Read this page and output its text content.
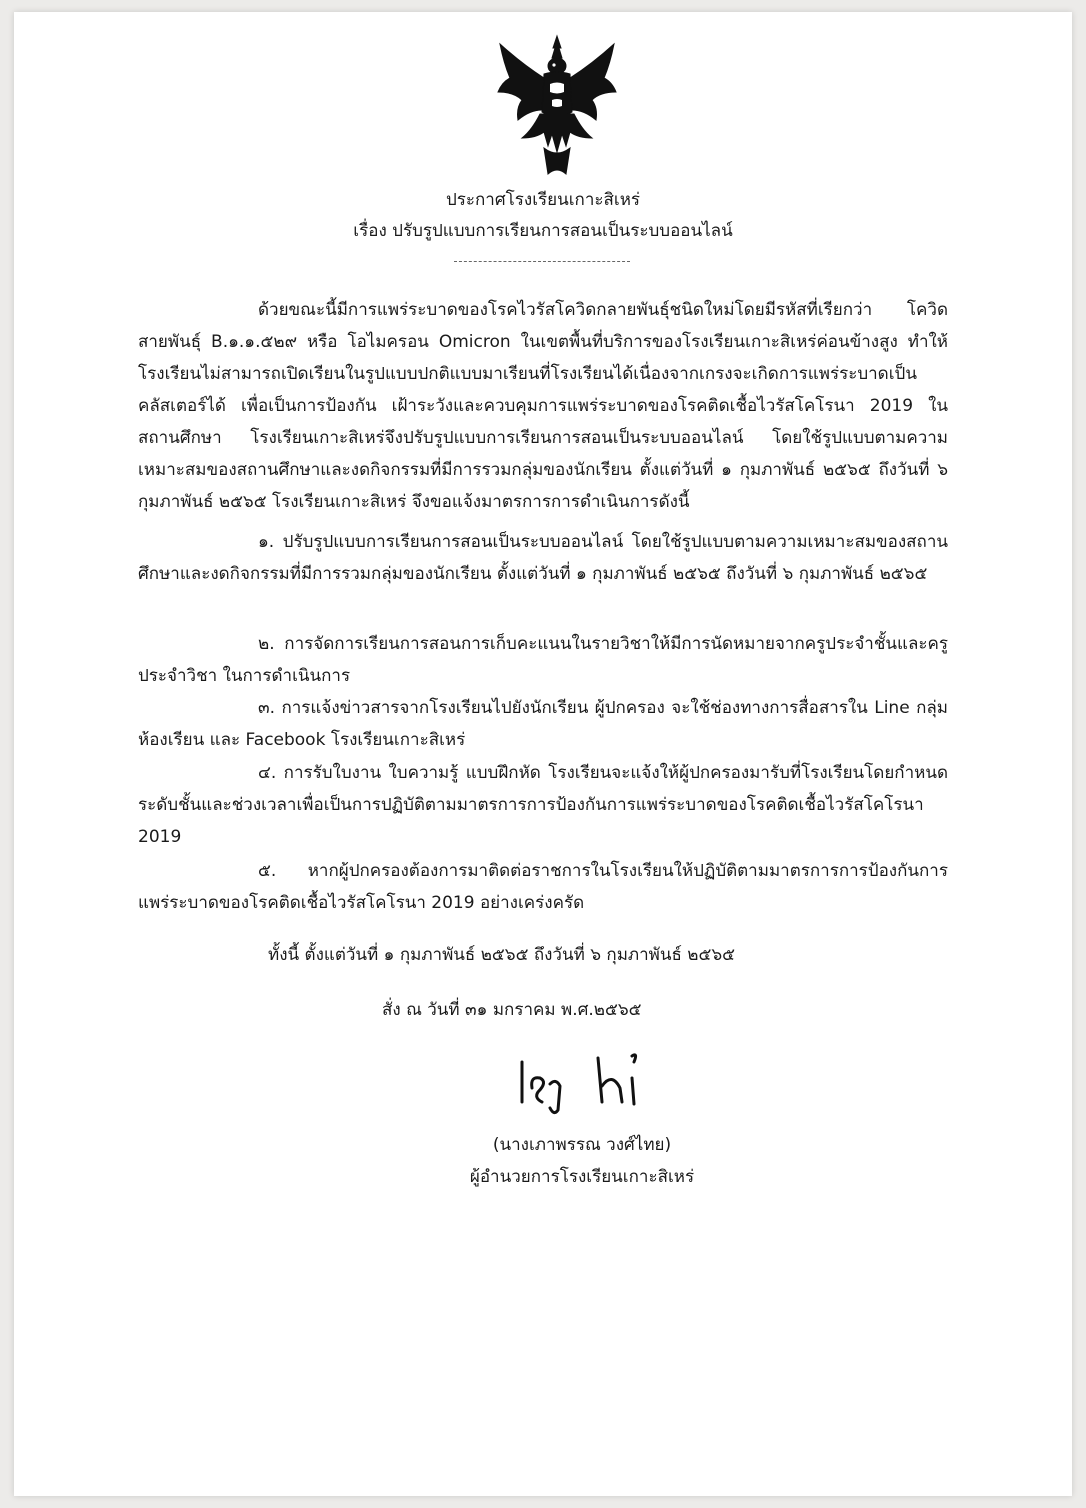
ประกาศโรงเรียนเกาะสิเหร่
เรื่อง ปรับรูปแบบการเรียนการสอนเป็นระบบออนไลน์

ด้วยขณะนี้มีการแพร่ระบาดของโรคไวรัสโควิดกลายพันธุ์ชนิดใหม่โดยมีรหัสที่เรียกว่า โควิด สายพันธุ์ B.๑.๑.๕๒๙ หรือ โอไมครอน Omicron ในเขตพื้นที่บริการของโรงเรียนเกาะสิเหร่ค่อนข้างสูง ทำให้โรงเรียนไม่สามารถเปิดเรียนในรูปแบบปกติแบบมาเรียนที่โรงเรียนได้เนื่องจากเกรงจะเกิดการแพร่ระบาดเป็นคลัสเตอร์ได้ เพื่อเป็นการป้องกัน เฝ้าระวังและควบคุมการแพร่ระบาดของโรคติดเชื้อไวรัสโคโรนา 2019 ในสถานศึกษา โรงเรียนเกาะสิเหร่จึงปรับรูปแบบการเรียนการสอนเป็นระบบออนไลน์ โดยใช้รูปแบบตามความเหมาะสมของสถานศึกษาและงดกิจกรรมที่มีการรวมกลุ่มของนักเรียน ตั้งแต่วันที่ ๑ กุมภาพันธ์ ๒๕๖๕ ถึงวันที่ ๖ กุมภาพันธ์ ๒๕๖๕ โรงเรียนเกาะสิเหร่ จึงขอแจ้งมาตรการการดำเนินการดังนี้

๑. ปรับรูปแบบการเรียนการสอนเป็นระบบออนไลน์ โดยใช้รูปแบบตามความเหมาะสมของสถานศึกษาและงดกิจกรรมที่มีการรวมกลุ่มของนักเรียน ตั้งแต่วันที่ ๑ กุมภาพันธ์ ๒๕๖๕ ถึงวันที่ ๖ กุมภาพันธ์ ๒๕๖๕

๒. การจัดการเรียนการสอนการเก็บคะแนนในรายวิชาให้มีการนัดหมายจากครูประจำชั้นและครูประจำวิชา ในการดำเนินการ

๓. การแจ้งข่าวสารจากโรงเรียนไปยังนักเรียน ผู้ปกครอง จะใช้ช่องทางการสื่อสารใน Line กลุ่มห้องเรียน และ Facebook โรงเรียนเกาะสิเหร่

๔. การรับใบงาน ใบความรู้ แบบฝึกหัด โรงเรียนจะแจ้งให้ผู้ปกครองมารับที่โรงเรียนโดยกำหนดระดับชั้นและช่วงเวลาเพื่อเป็นการปฏิบัติตามมาตรการการป้องกันการแพร่ระบาดของโรคติดเชื้อไวรัสโคโรนา 2019

๕. หากผู้ปกครองต้องการมาติดต่อราชการในโรงเรียนให้ปฏิบัติตามมาตรการการป้องกันการแพร่ระบาดของโรคติดเชื้อไวรัสโคโรนา 2019 อย่างเคร่งครัด

ทั้งนี้ ตั้งแต่วันที่ ๑ กุมภาพันธ์ ๒๕๖๕ ถึงวันที่ ๖ กุมภาพันธ์ ๒๕๖๕
สั่ง ณ วันที่ ๓๑ มกราคม พ.ศ.๒๕๖๕
(นางเภาพรรณ วงศ์ไทย)
ผู้อำนวยการโรงเรียนเกาะสิเหร่
